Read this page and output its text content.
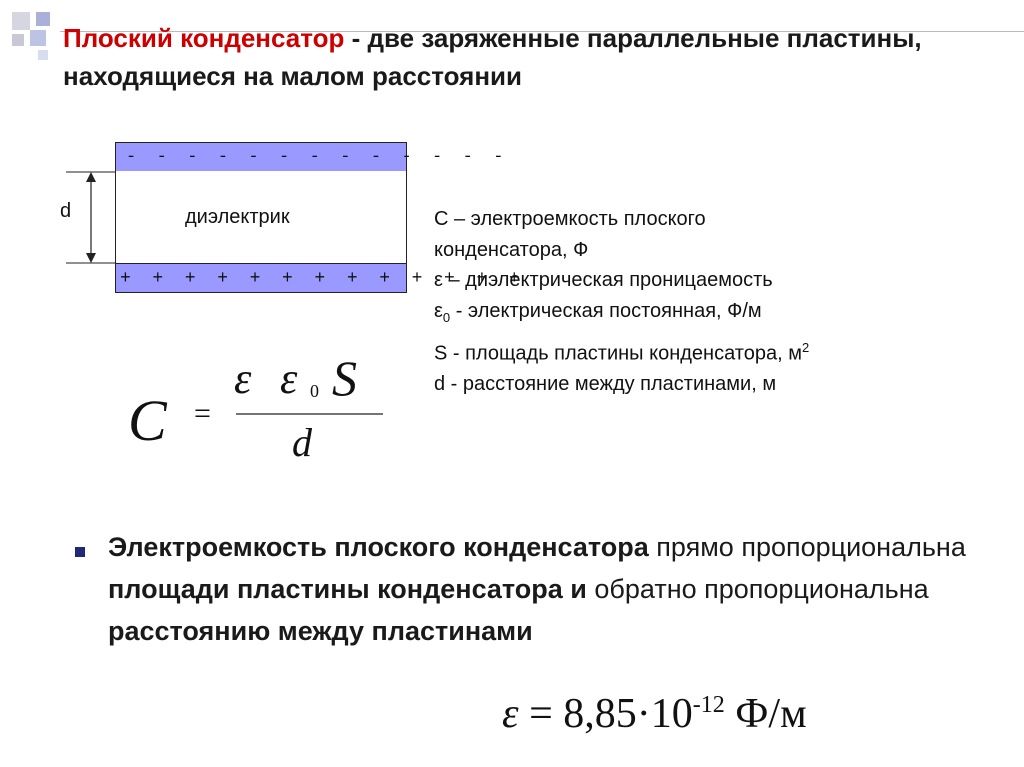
Плоский конденсатор - две заряженные параллельные пластины, находящиеся на малом расстоянии
-  -  -  -  -  -  -  -  -  -  -  -  -
+  +  +  +  +  +  +  +  +  +  +  +  +
диэлектрик
d	С – электроемкость плоского
конденсатора, Ф
ε – диэлектрическая проницаемость
$\varepsilon_0$ - электрическая постоянная, Ф/м
S - площадь пластины конденсатора, $м^2$
d - расстояние между пластинами, м
C =
ε ε 0 S
d
Электроемкость плоского конденсатора прямо пропорциональна площади пластины конденсатора и обратно пропорциональна расстоянию между пластинами
$\varepsilon = 8,85\cdot 10^{-12}$ Ф/м
